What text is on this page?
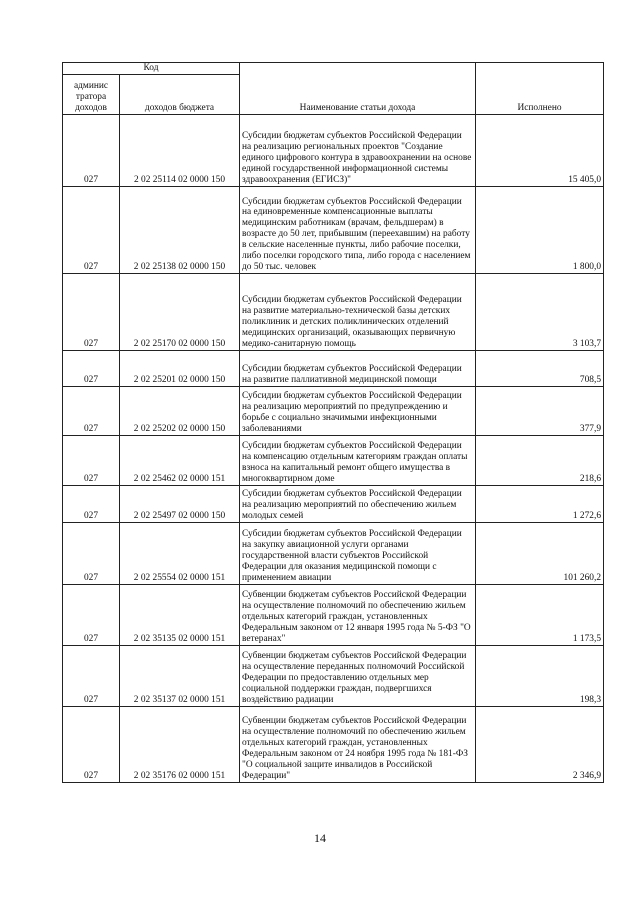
Код		Наименование статьи дохода	Исполнено
админис тратора доходов	доходов бюджета		
027	2 02 25114 02 0000 150	Субсидии бюджетам субъектов Российской Федерации на реализацию региональных проектов "Создание единого цифрового контура в здравоохранении на основе единой государственной информационной системы здравоохранения (ЕГИСЗ)"	15 405,0
027	2 02 25138 02 0000 150	Субсидии бюджетам субъектов Российской Федерации на единовременные компенсационные выплаты медицинским работникам (врачам, фельдшерам) в возрасте до 50 лет, прибывшим (переехавшим) на работу в сельские населенные пункты, либо рабочие поселки, либо поселки городского типа, либо города с населением до 50 тыс. человек	1 800,0
027	2 02 25170 02 0000 150	Субсидии бюджетам субъектов Российской Федерации на развитие материально-технической базы детских поликлиник и детских поликлинических отделений медицинских организаций, оказывающих первичную медико-санитарную помощь	3 103,7
027	2 02 25201 02 0000 150	Субсидии бюджетам субъектов Российской Федерации на развитие паллиативной медицинской помощи	708,5
027	2 02 25202 02 0000 150	Субсидии бюджетам субъектов Российской Федерации на реализацию мероприятий по предупреждению и борьбе с социально значимыми инфекционными заболеваниями	377,9
027	2 02 25462 02 0000 151	Субсидии бюджетам субъектов Российской Федерации на компенсацию отдельным категориям граждан оплаты взноса на капитальный ремонт общего имущества в многоквартирном доме	218,6
027	2 02 25497 02 0000 150	Субсидии бюджетам субъектов Российской Федерации на реализацию мероприятий по обеспечению жильем молодых семей	1 272,6
027	2 02 25554 02 0000 151	Субсидии бюджетам субъектов Российской Федерации на закупку авиационной услуги органами государственной власти субъектов Российской Федерации для оказания медицинской помощи с применением авиации	101 260,2
027	2 02 35135 02 0000 151	Субвенции бюджетам субъектов Российской Федерации на осуществление полномочий по обеспечению жильем отдельных категорий граждан, установленных Федеральным законом от 12 января 1995 года № 5-ФЗ "О ветеранах"	1 173,5
027	2 02 35137 02 0000 151	Субвенции бюджетам субъектов Российской Федерации на осуществление переданных полномочий Российской Федерации по предоставлению отдельных мер социальной поддержки граждан, подвергшихся воздействию радиации	198,3
027	2 02 35176 02 0000 151	Субвенции бюджетам субъектов Российской Федерации на осуществление полномочий по обеспечению жильем отдельных категорий граждан, установленных Федеральным законом от 24 ноября 1995 года № 181-ФЗ "О социальной защите инвалидов в Российской Федерации"	2 346,9
14
